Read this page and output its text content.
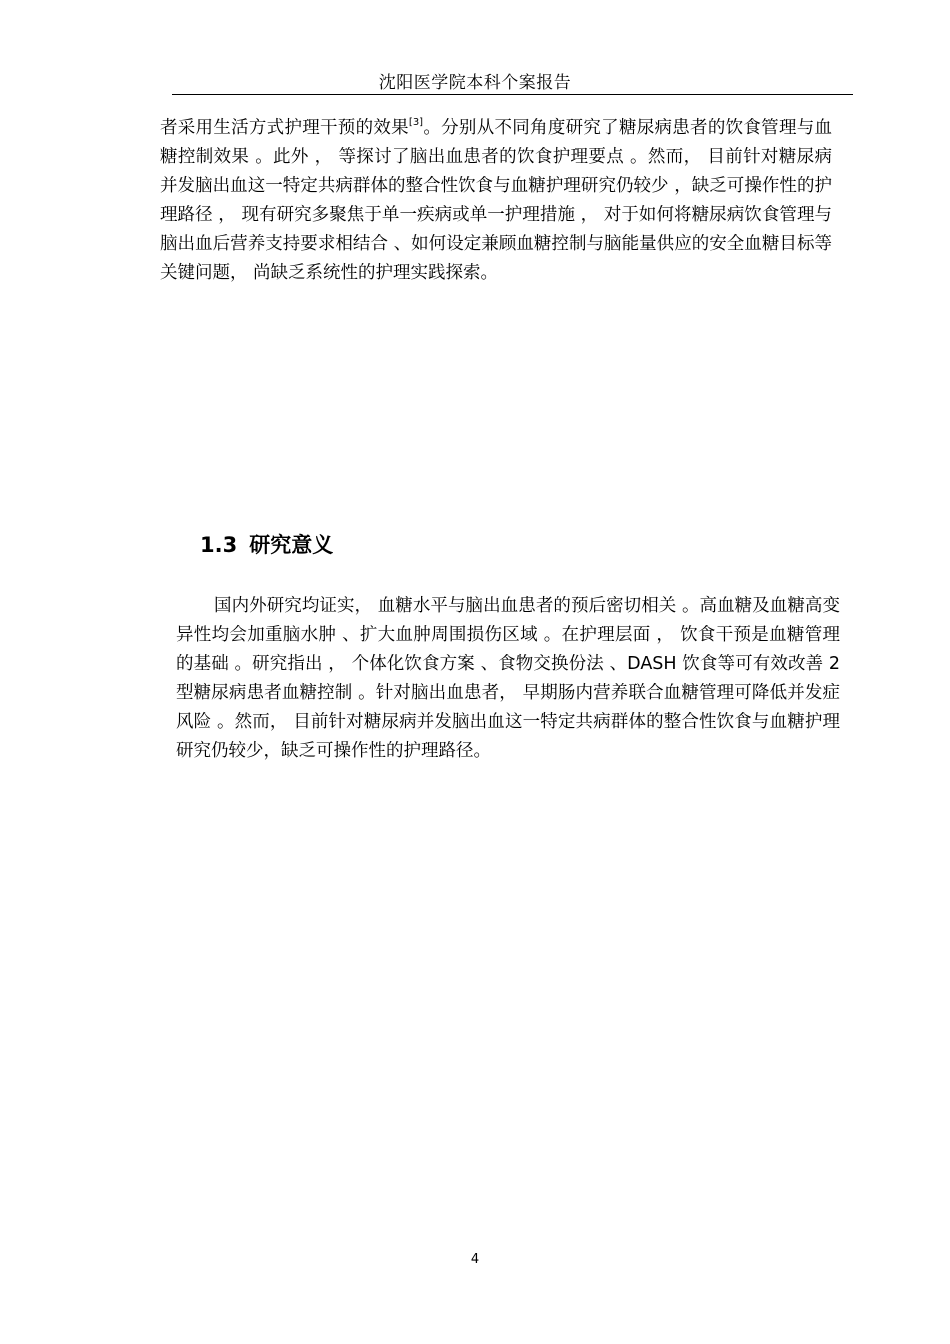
沈阳医学院本科个案报告

者采用生活方式护理干预的效果[3]。分别从不同角度研究了糖尿病患者的饮食管理与血糖控制效果 。此外 ， 等探讨了脑出血患者的饮食护理要点 。然而， 目前针对糖尿病并发脑出血这一特定共病群体的整合性饮食与血糖护理研究仍较少 ，缺乏可操作性的护理路径 ， 现有研究多聚焦于单一疾病或单一护理措施 ， 对于如何将糖尿病饮食管理与脑出血后营养支持要求相结合 、如何设定兼顾血糖控制与脑能量供应的安全血糖目标等关键问题， 尚缺乏系统性的护理实践探索。

1.3 研究意义

国内外研究均证实， 血糖水平与脑出血患者的预后密切相关 。高血糖及血糖高变异性均会加重脑水肿 、扩大血肿周围损伤区域 。在护理层面 ， 饮食干预是血糖管理的基础 。研究指出 ， 个体化饮食方案 、食物交换份法 、DASH 饮食等可有效改善 2 型糖尿病患者血糖控制 。针对脑出血患者， 早期肠内营养联合血糖管理可降低并发症风险 。然而， 目前针对糖尿病并发脑出血这一特定共病群体的整合性饮食与血糖护理研究仍较少，缺乏可操作性的护理路径。

4
